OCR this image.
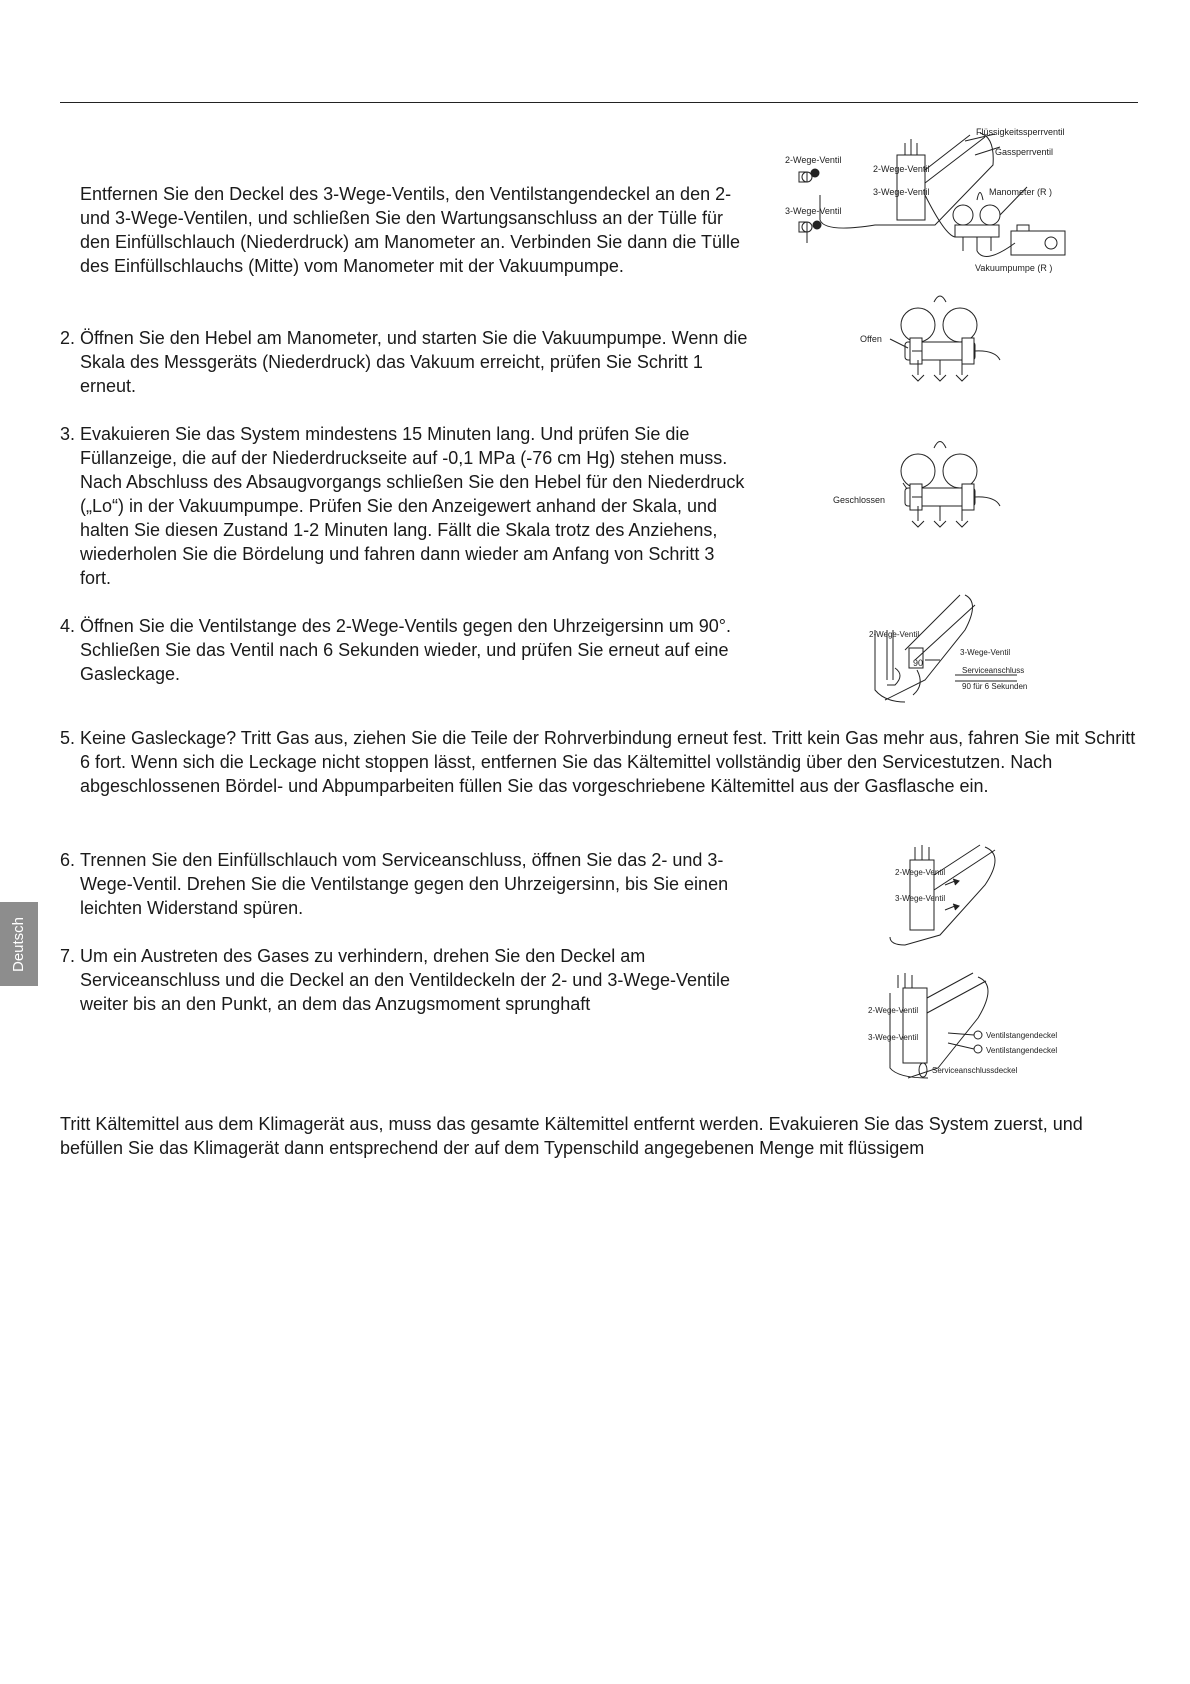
Deutsch
Entfernen Sie den Deckel des 3-Wege-Ventils, den Ventilstangendeckel an den 2- und 3-Wege-Ventilen, und schließen Sie den Wartungsanschluss an der Tülle für den Einfüllschlauch (Niederdruck) am Manometer an. Verbinden Sie dann die Tülle des Einfüllschlauchs (Mitte) vom Manometer mit der Vakuumpumpe.
2. Öffnen Sie den Hebel am Manometer, und starten Sie die Vakuumpumpe. Wenn die Skala des Messgeräts (Niederdruck) das Vakuum erreicht, prüfen Sie Schritt 1 erneut.
3. Evakuieren Sie das System mindestens 15 Minuten lang. Und prüfen Sie die Füllanzeige, die auf der Niederdruckseite auf -0,1 MPa (-76 cm Hg) stehen muss. Nach Abschluss des Absaugvorgangs schließen Sie den Hebel für den Niederdruck („Lo“) in der Vakuumpumpe. Prüfen Sie den Anzeigewert anhand der Skala, und halten Sie diesen Zustand 1-2 Minuten lang. Fällt die Skala trotz des Anziehens, wiederholen Sie die Bördelung und fahren dann wieder am Anfang von Schritt 3 fort.
4. Öffnen Sie die Ventilstange des 2-Wege-Ventils gegen den Uhrzeigersinn um 90°. Schließen Sie das Ventil nach 6 Sekunden wieder, und prüfen Sie erneut auf eine Gasleckage.
5. Keine Gasleckage? Tritt Gas aus, ziehen Sie die Teile der Rohrverbindung erneut fest. Tritt kein Gas mehr aus, fahren Sie mit Schritt 6 fort. Wenn sich die Leckage nicht stoppen lässt, entfernen Sie das Kältemittel vollständig über den Servicestutzen. Nach abgeschlossenen Bördel- und Abpumparbeiten füllen Sie das vorgeschriebene Kältemittel aus der Gasflasche ein.
6. Trennen Sie den Einfüllschlauch vom Serviceanschluss, öffnen Sie das 2- und 3-Wege-Ventil. Drehen Sie die Ventilstange gegen den Uhrzeigersinn, bis Sie einen leichten Widerstand spüren.
7. Um ein Austreten des Gases zu verhindern, drehen Sie den Deckel am Serviceanschluss und die Deckel an den Ventildeckeln der 2- und 3-Wege-Ventile weiter bis an den Punkt, an dem das Anzugsmoment sprunghaft
Tritt Kältemittel aus dem Klimagerät aus, muss das gesamte Kältemittel entfernt werden. Evakuieren Sie das System zuerst, und befüllen Sie das Klimagerät dann entsprechend der auf dem Typenschild angegebenen Menge mit flüssigem
2-Wege-Ventil
3-Wege-Ventil
2-Wege-Ventil
3-Wege-Ventil
Flüssigkeitssperrventil
Gassperrventil
Manometer (R )
Vakuumpumpe (R )
Offen
Geschlossen
2-Wege-Ventil
90
3-Wege-Ventil
Serviceanschluss
90 für 6 Sekunden
2-Wege-Ventil
3-Wege-Ventil
2-Wege-Ventil
3-Wege-Ventil	Ventilstangendeckel
Ventilstangendeckel
Serviceanschlussdeckel
